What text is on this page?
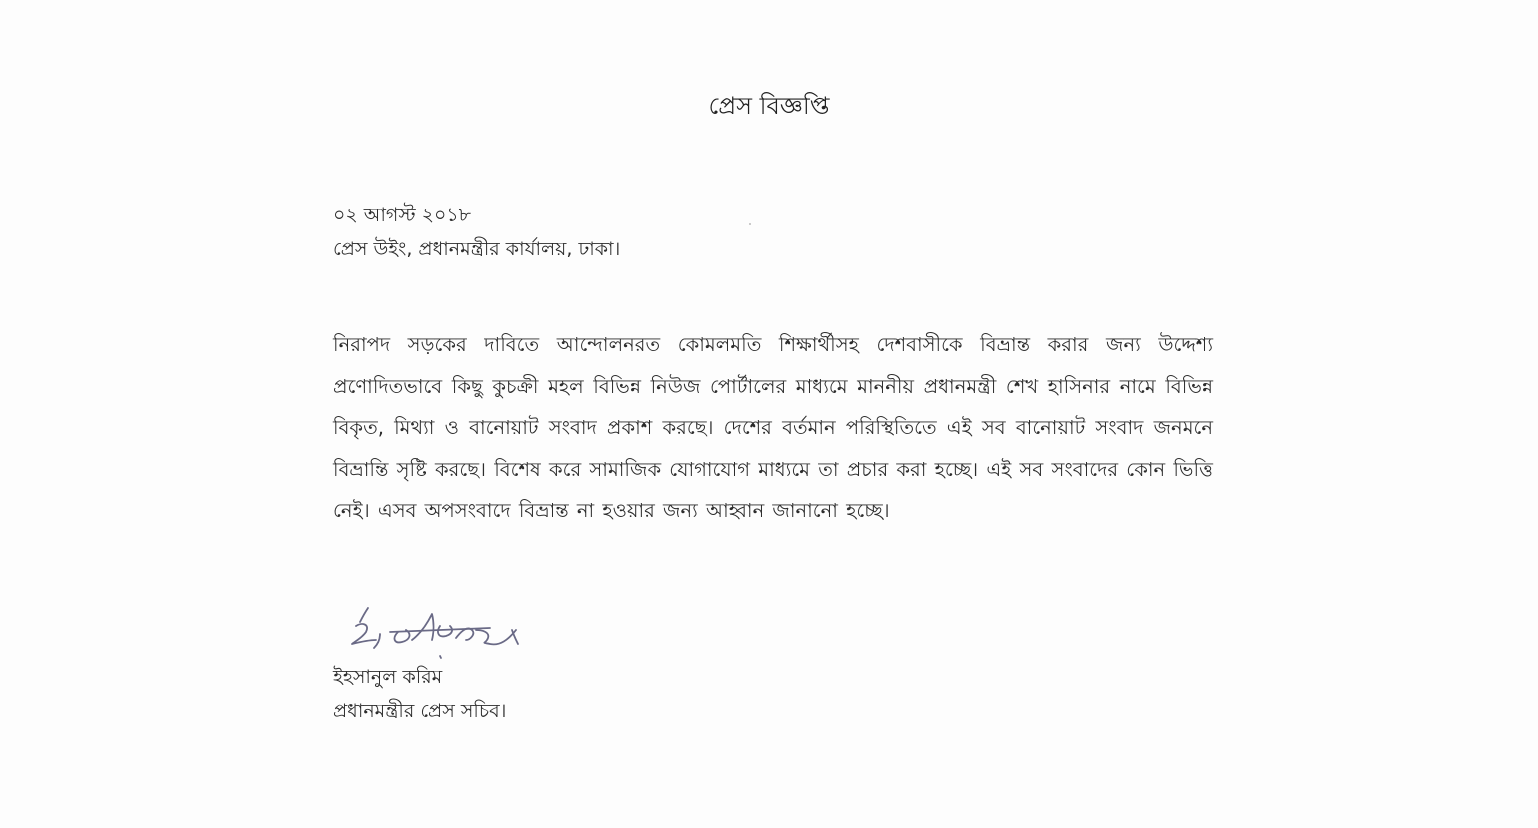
প্রেস বিজ্ঞপ্তি
০২ আগস্ট ২০১৮
প্রেস উইং, প্রধানমন্ত্রীর কার্যালয়, ঢাকা।
নিরাপদ সড়কের দাবিতে আন্দোলনরত কোমলমতি শিক্ষার্থীসহ দেশবাসীকে বিভ্রান্ত করার জন্য উদ্দেশ্য প্রণোদিতভাবে কিছু কুচক্রী মহল বিভিন্ন নিউজ পোর্টালের মাধ্যমে মাননীয় প্রধানমন্ত্রী শেখ হাসিনার নামে বিভিন্ন বিকৃত, মিথ্যা ও বানোয়াট সংবাদ প্রকাশ করছে। দেশের বর্তমান পরিস্থিতিতে এই সব বানোয়াট সংবাদ জনমনে বিভ্রান্তি সৃষ্টি করছে। বিশেষ করে সামাজিক যোগাযোগ মাধ্যমে তা প্রচার করা হচ্ছে। এই সব সংবাদের কোন ভিত্তি নেই। এসব অপসংবাদে বিভ্রান্ত না হওয়ার জন্য আহ্বান জানানো হচ্ছে।
ইহসানুল করিম
প্রধানমন্ত্রীর প্রেস সচিব।
